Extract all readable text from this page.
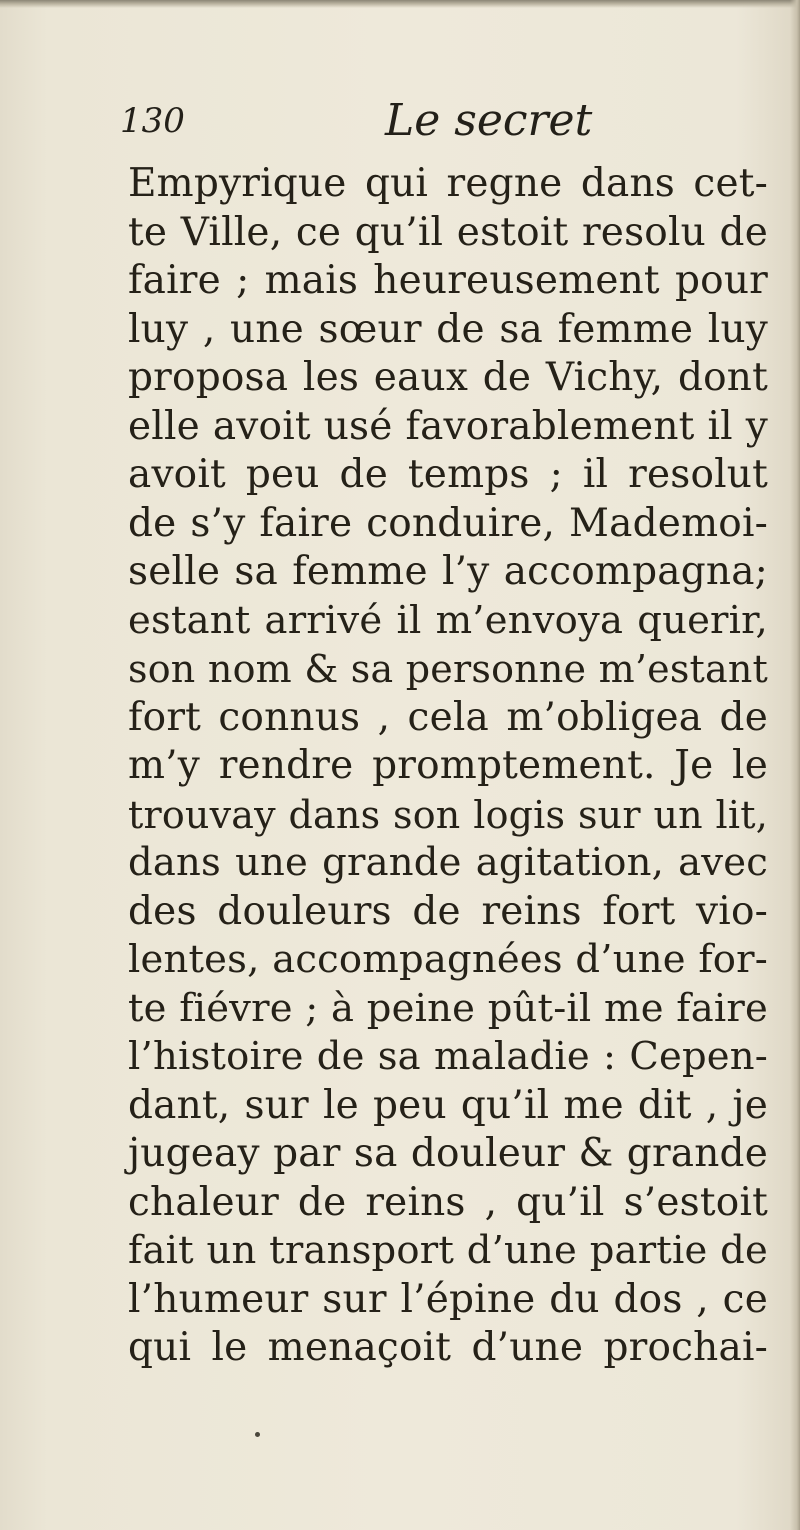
130	Le secret
Empyrique qui regne dans cet-
te Ville, ce qu’il estoit resolu de
faire ; mais heureusement pour
luy , une sœur de sa femme luy
proposa les eaux de Vichy, dont
elle avoit usé favorablement il y
avoit peu de temps ; il resolut
de s’y faire conduire, Mademoi-
selle sa femme l’y accompagna;
estant arrivé il m’envoya querir,
son nom & sa personne m’estant
fort connus , cela m’obligea de
m’y rendre promptement. Je le
trouvay dans son logis sur un lit,
dans une grande agitation, avec
des douleurs de reins fort vio-
lentes, accompagnées d’une for-
te fiévre ; à peine pût-il me faire
l’histoire de sa maladie : Cepen-
dant, sur le peu qu’il me dit , je
jugeay par sa douleur & grande
chaleur de reins , qu’il s’estoit
fait un transport d’une partie de
l’humeur sur l’épine du dos , ce
qui le menaçoit d’une prochai-
